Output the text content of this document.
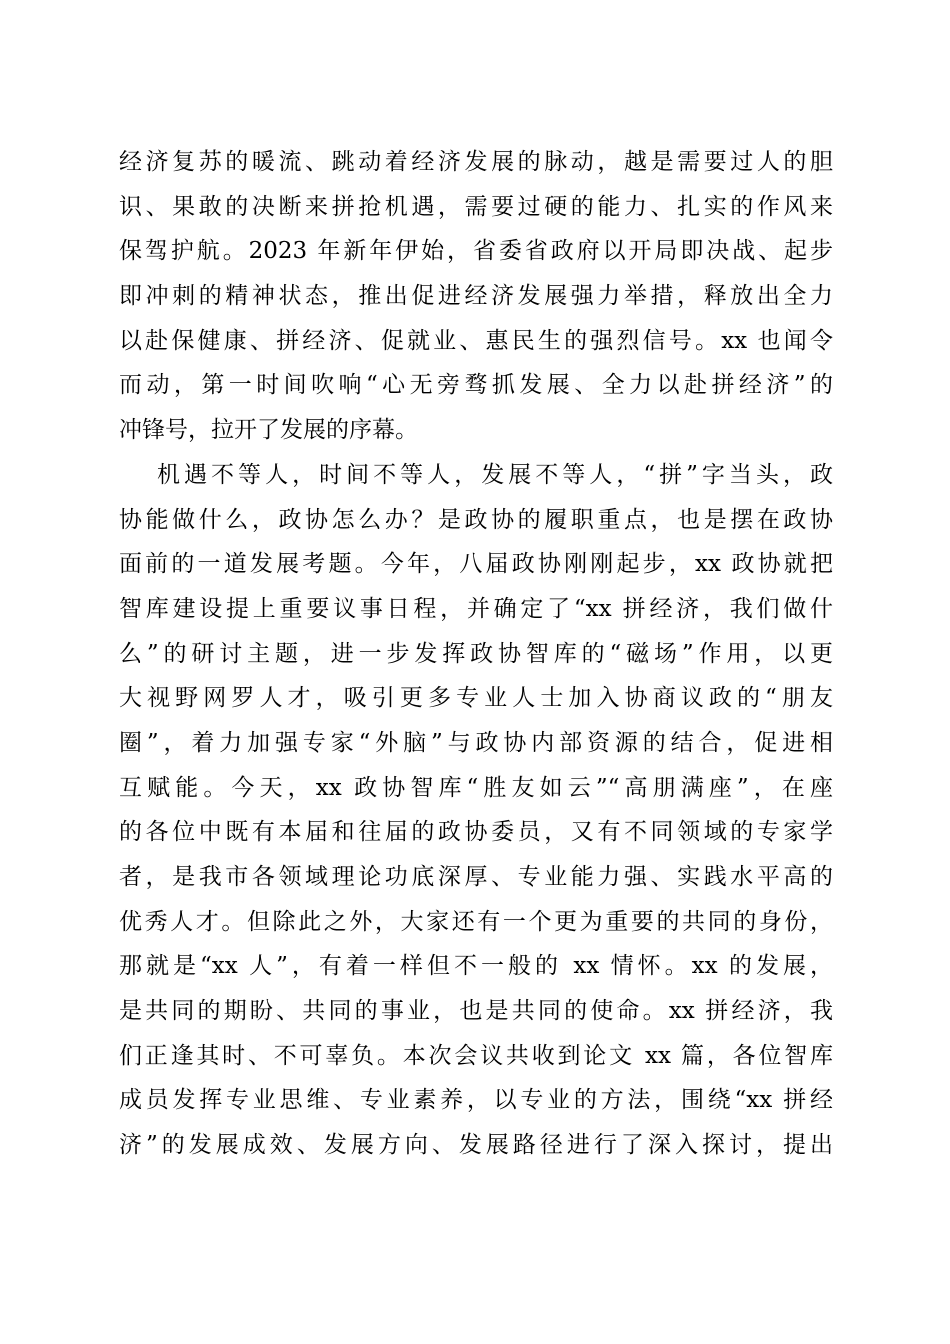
经济复苏的暖流、跳动着经济发展的脉动，越是需要过人的胆
识、果敢的决断来拼抢机遇，需要过硬的能力、扎实的作风来
保驾护航。2023 年新年伊始，省委省政府以开局即决战、起步
即冲刺的精神状态，推出促进经济发展强力举措，释放出全力
以赴保健康、拼经济、促就业、惠民生的强烈信号。xx 也闻令
而动，第一时间吹响“心无旁骛抓发展、全力以赴拼经济”的
冲锋号，拉开了发展的序幕。
机遇不等人，时间不等人，发展不等人，“拼”字当头，政
协能做什么，政协怎么办？是政协的履职重点，也是摆在政协
面前的一道发展考题。今年，八届政协刚刚起步，xx 政协就把
智库建设提上重要议事日程，并确定了“xx 拼经济，我们做什
么”的研讨主题，进一步发挥政协智库的“磁场”作用，以更
大视野网罗人才，吸引更多专业人士加入协商议政的“朋友
圈”，着力加强专家“外脑”与政协内部资源的结合，促进相
互赋能。今天，xx 政协智库“胜友如云”“高朋满座”，在座
的各位中既有本届和往届的政协委员，又有不同领域的专家学
者，是我市各领域理论功底深厚、专业能力强、实践水平高的
优秀人才。但除此之外，大家还有一个更为重要的共同的身份，
那就是“xx 人”，有着一样但不一般的 xx 情怀。xx 的发展，
是共同的期盼、共同的事业，也是共同的使命。xx 拼经济，我
们正逢其时、不可辜负。本次会议共收到论文 xx 篇，各位智库
成员发挥专业思维、专业素养，以专业的方法，围绕“xx 拼经
济”的发展成效、发展方向、发展路径进行了深入探讨，提出
